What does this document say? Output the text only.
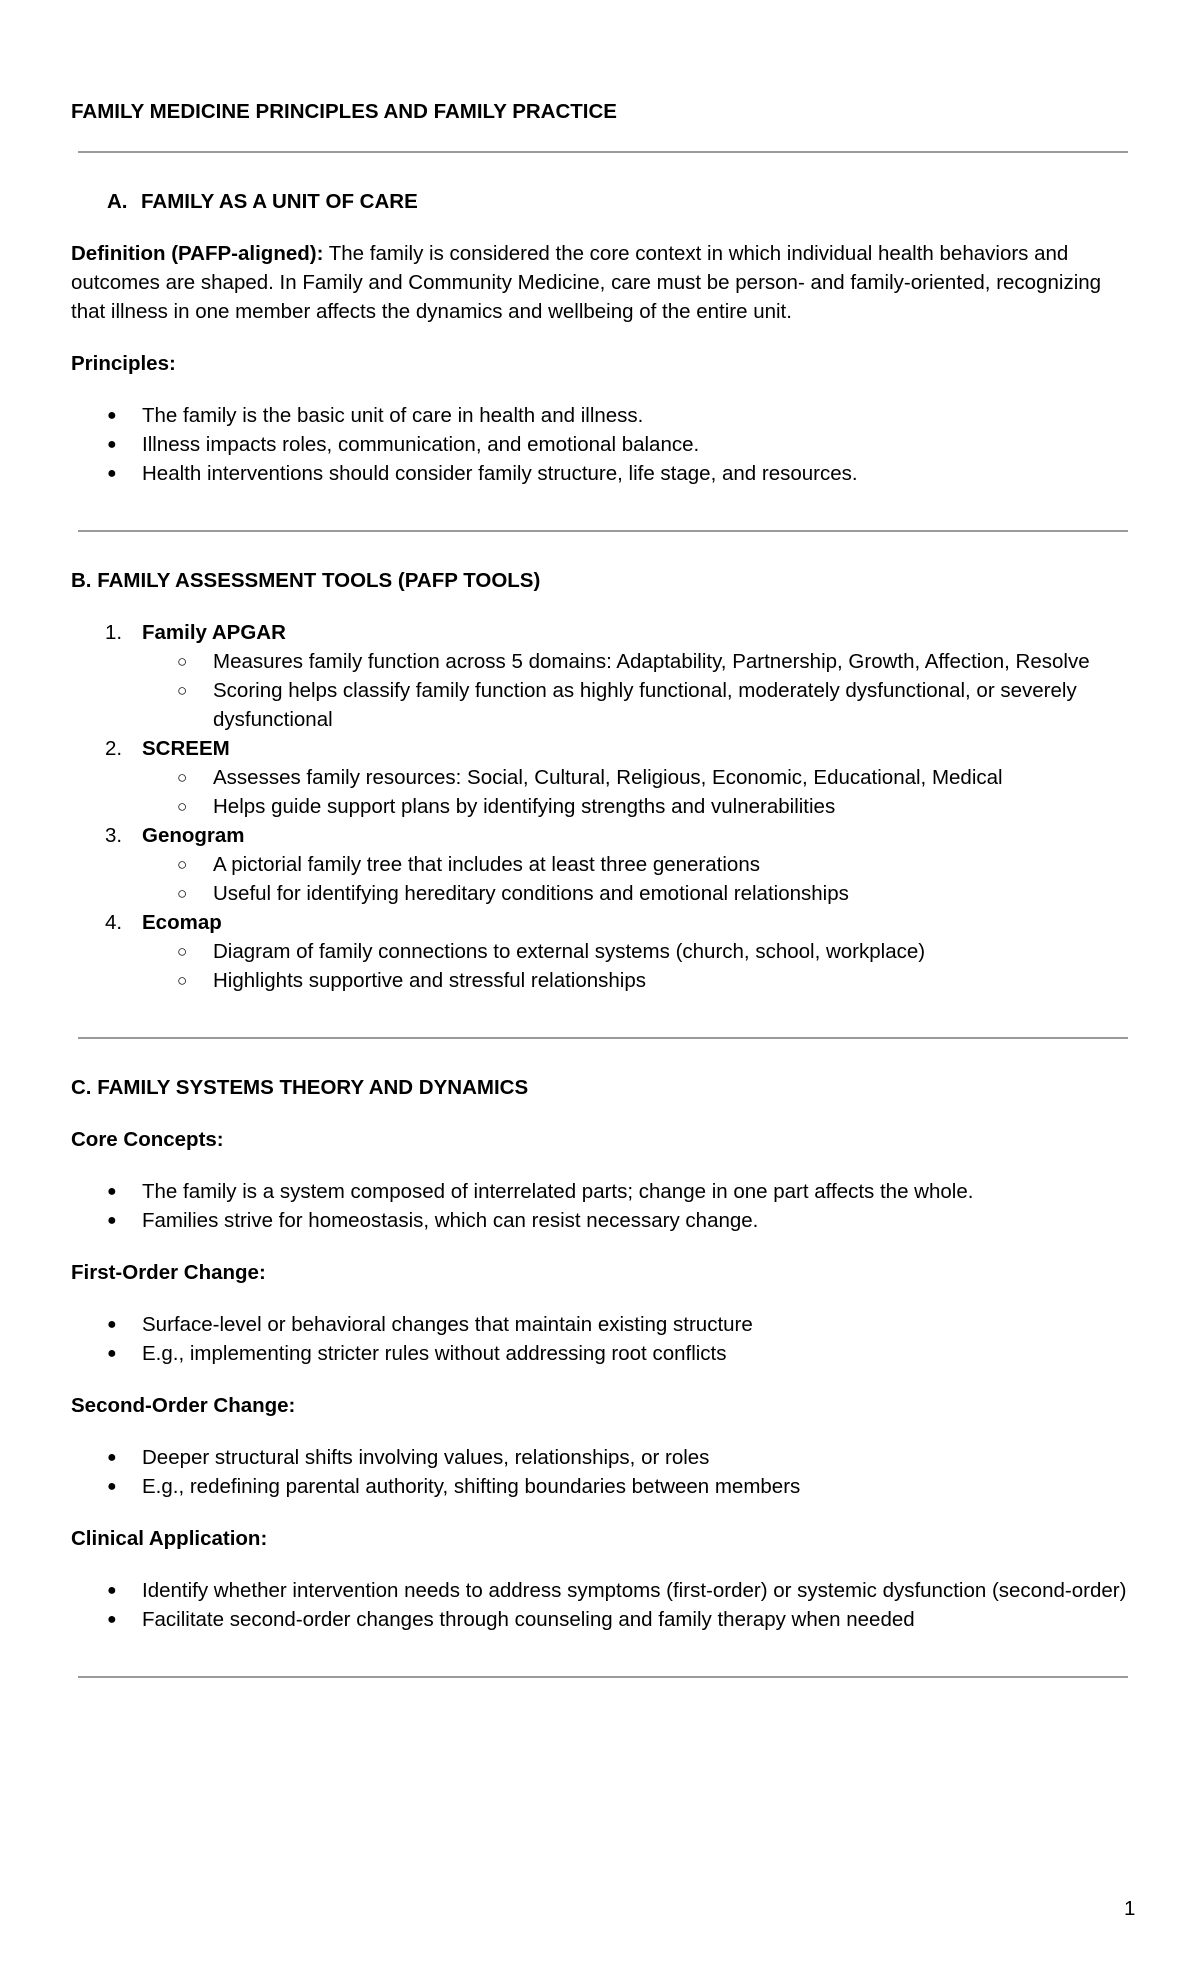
FAMILY MEDICINE PRINCIPLES AND FAMILY PRACTICE

A. FAMILY AS A UNIT OF CARE

Definition (PAFP-aligned): The family is considered the core context in which individual health behaviors and outcomes are shaped. In Family and Community Medicine, care must be person- and family-oriented, recognizing that illness in one member affects the dynamics and wellbeing of the entire unit.

Principles:

● The family is the basic unit of care in health and illness.
● Illness impacts roles, communication, and emotional balance.
● Health interventions should consider family structure, life stage, and resources.

B. FAMILY ASSESSMENT TOOLS (PAFP TOOLS)

1. Family APGAR
○ Measures family function across 5 domains: Adaptability, Partnership, Growth, Affection, Resolve
○ Scoring helps classify family function as highly functional, moderately dysfunctional, or severely dysfunctional
2. SCREEM
○ Assesses family resources: Social, Cultural, Religious, Economic, Educational, Medical
○ Helps guide support plans by identifying strengths and vulnerabilities
3. Genogram
○ A pictorial family tree that includes at least three generations
○ Useful for identifying hereditary conditions and emotional relationships
4. Ecomap
○ Diagram of family connections to external systems (church, school, workplace)
○ Highlights supportive and stressful relationships

C. FAMILY SYSTEMS THEORY AND DYNAMICS

Core Concepts:

● The family is a system composed of interrelated parts; change in one part affects the whole.
● Families strive for homeostasis, which can resist necessary change.

First-Order Change:

● Surface-level or behavioral changes that maintain existing structure
● E.g., implementing stricter rules without addressing root conflicts

Second-Order Change:

● Deeper structural shifts involving values, relationships, or roles
● E.g., redefining parental authority, shifting boundaries between members

Clinical Application:

● Identify whether intervention needs to address symptoms (first-order) or systemic dysfunction (second-order)
● Facilitate second-order changes through counseling and family therapy when needed
1
